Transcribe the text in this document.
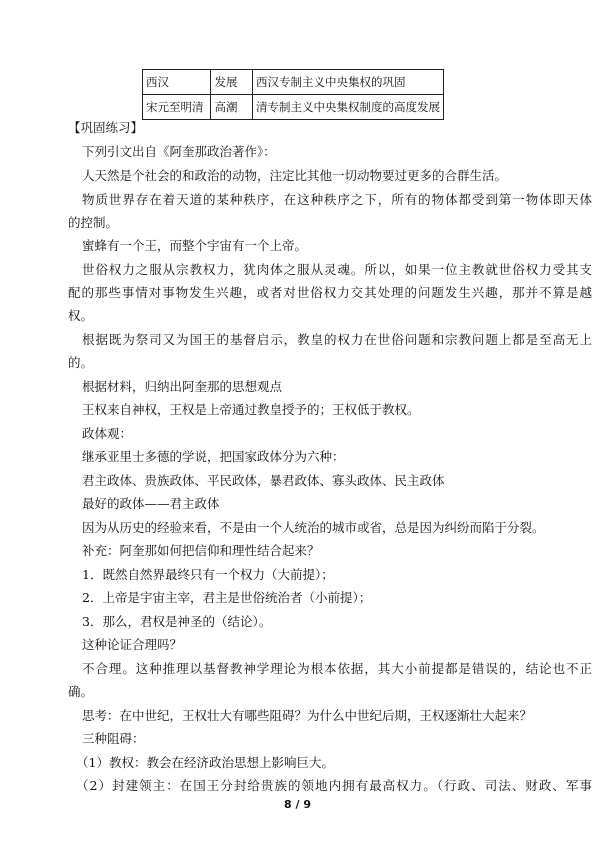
西汉	发展	西汉专制主义中央集权的巩固
宋元至明清	高潮	清专制主义中央集权制度的高度发展
【巩固练习】
下列引文出自《阿奎那政治著作》：
人天然是个社会的和政治的动物，注定比其他一切动物要过更多的合群生活。
物质世界存在着天道的某种秩序，在这种秩序之下，所有的物体都受到第一物体即天体
的控制。
蜜蜂有一个王，而整个宇宙有一个上帝。
世俗权力之服从宗教权力，犹肉体之服从灵魂。所以，如果一位主教就世俗权力受其支
配的那些事情对事物发生兴趣，或者对世俗权力交其处理的问题发生兴趣，那并不算是越
权。
根据既为祭司又为国王的基督启示，教皇的权力在世俗问题和宗教问题上都是至高无上
的。
根据材料，归纳出阿奎那的思想观点
王权来自神权，王权是上帝通过教皇授予的；王权低于教权。
政体观：
继承亚里士多德的学说，把国家政体分为六种：
君主政体、贵族政体、平民政体，暴君政体、寡头政体、民主政体
最好的政体——君主政体
因为从历史的经验来看，不是由一个人统治的城市或省，总是因为纠纷而陷于分裂。
补充：阿奎那如何把信仰和理性结合起来？
1．既然自然界最终只有一个权力（大前提）；
2．上帝是宇宙主宰，君主是世俗统治者（小前提）；
3．那么，君权是神圣的（结论）。
这种论证合理吗？
不合理。这种推理以基督教神学理论为根本依据，其大小前提都是错误的，结论也不正
确。
思考：在中世纪，王权壮大有哪些阻碍？为什么中世纪后期，王权逐渐壮大起来？
三种阻碍：
（1）教权：教会在经济政治思想上影响巨大。
（2）封建领主：在国王分封给贵族的领地内拥有最高权力。（行政、司法、财政、军事
8 / 9
